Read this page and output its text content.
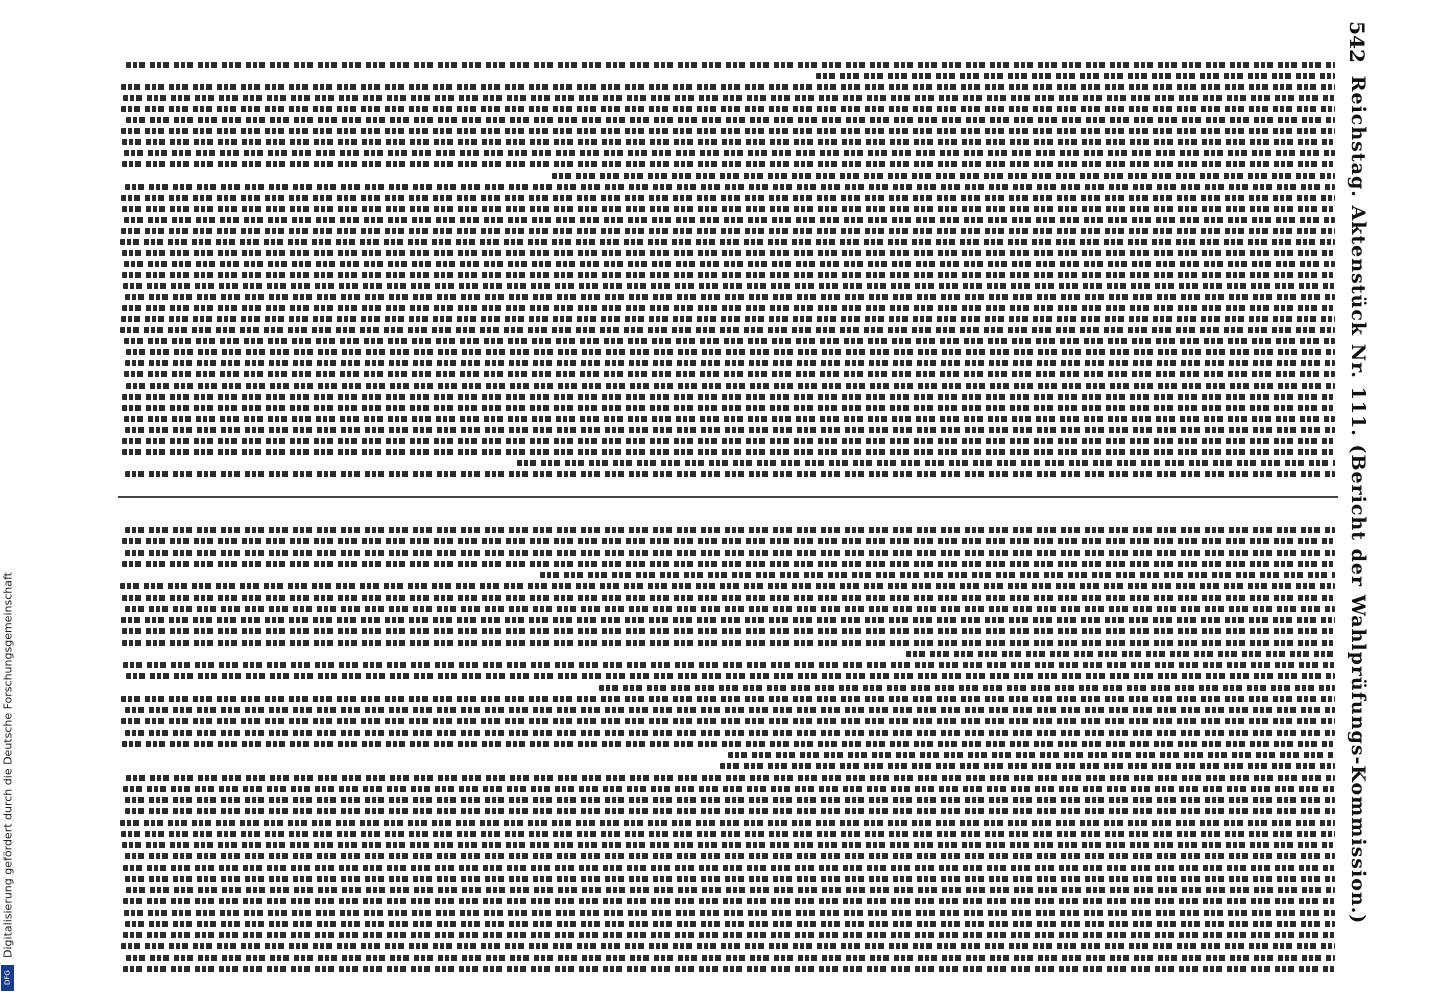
542
Reichstag. Aktenstück Nr. 111. (Bericht der Wahlprüfungs-Kommission.)
Digitalisierung gefördert durch die Deutsche Forschungsgemeinschaft
DFG
